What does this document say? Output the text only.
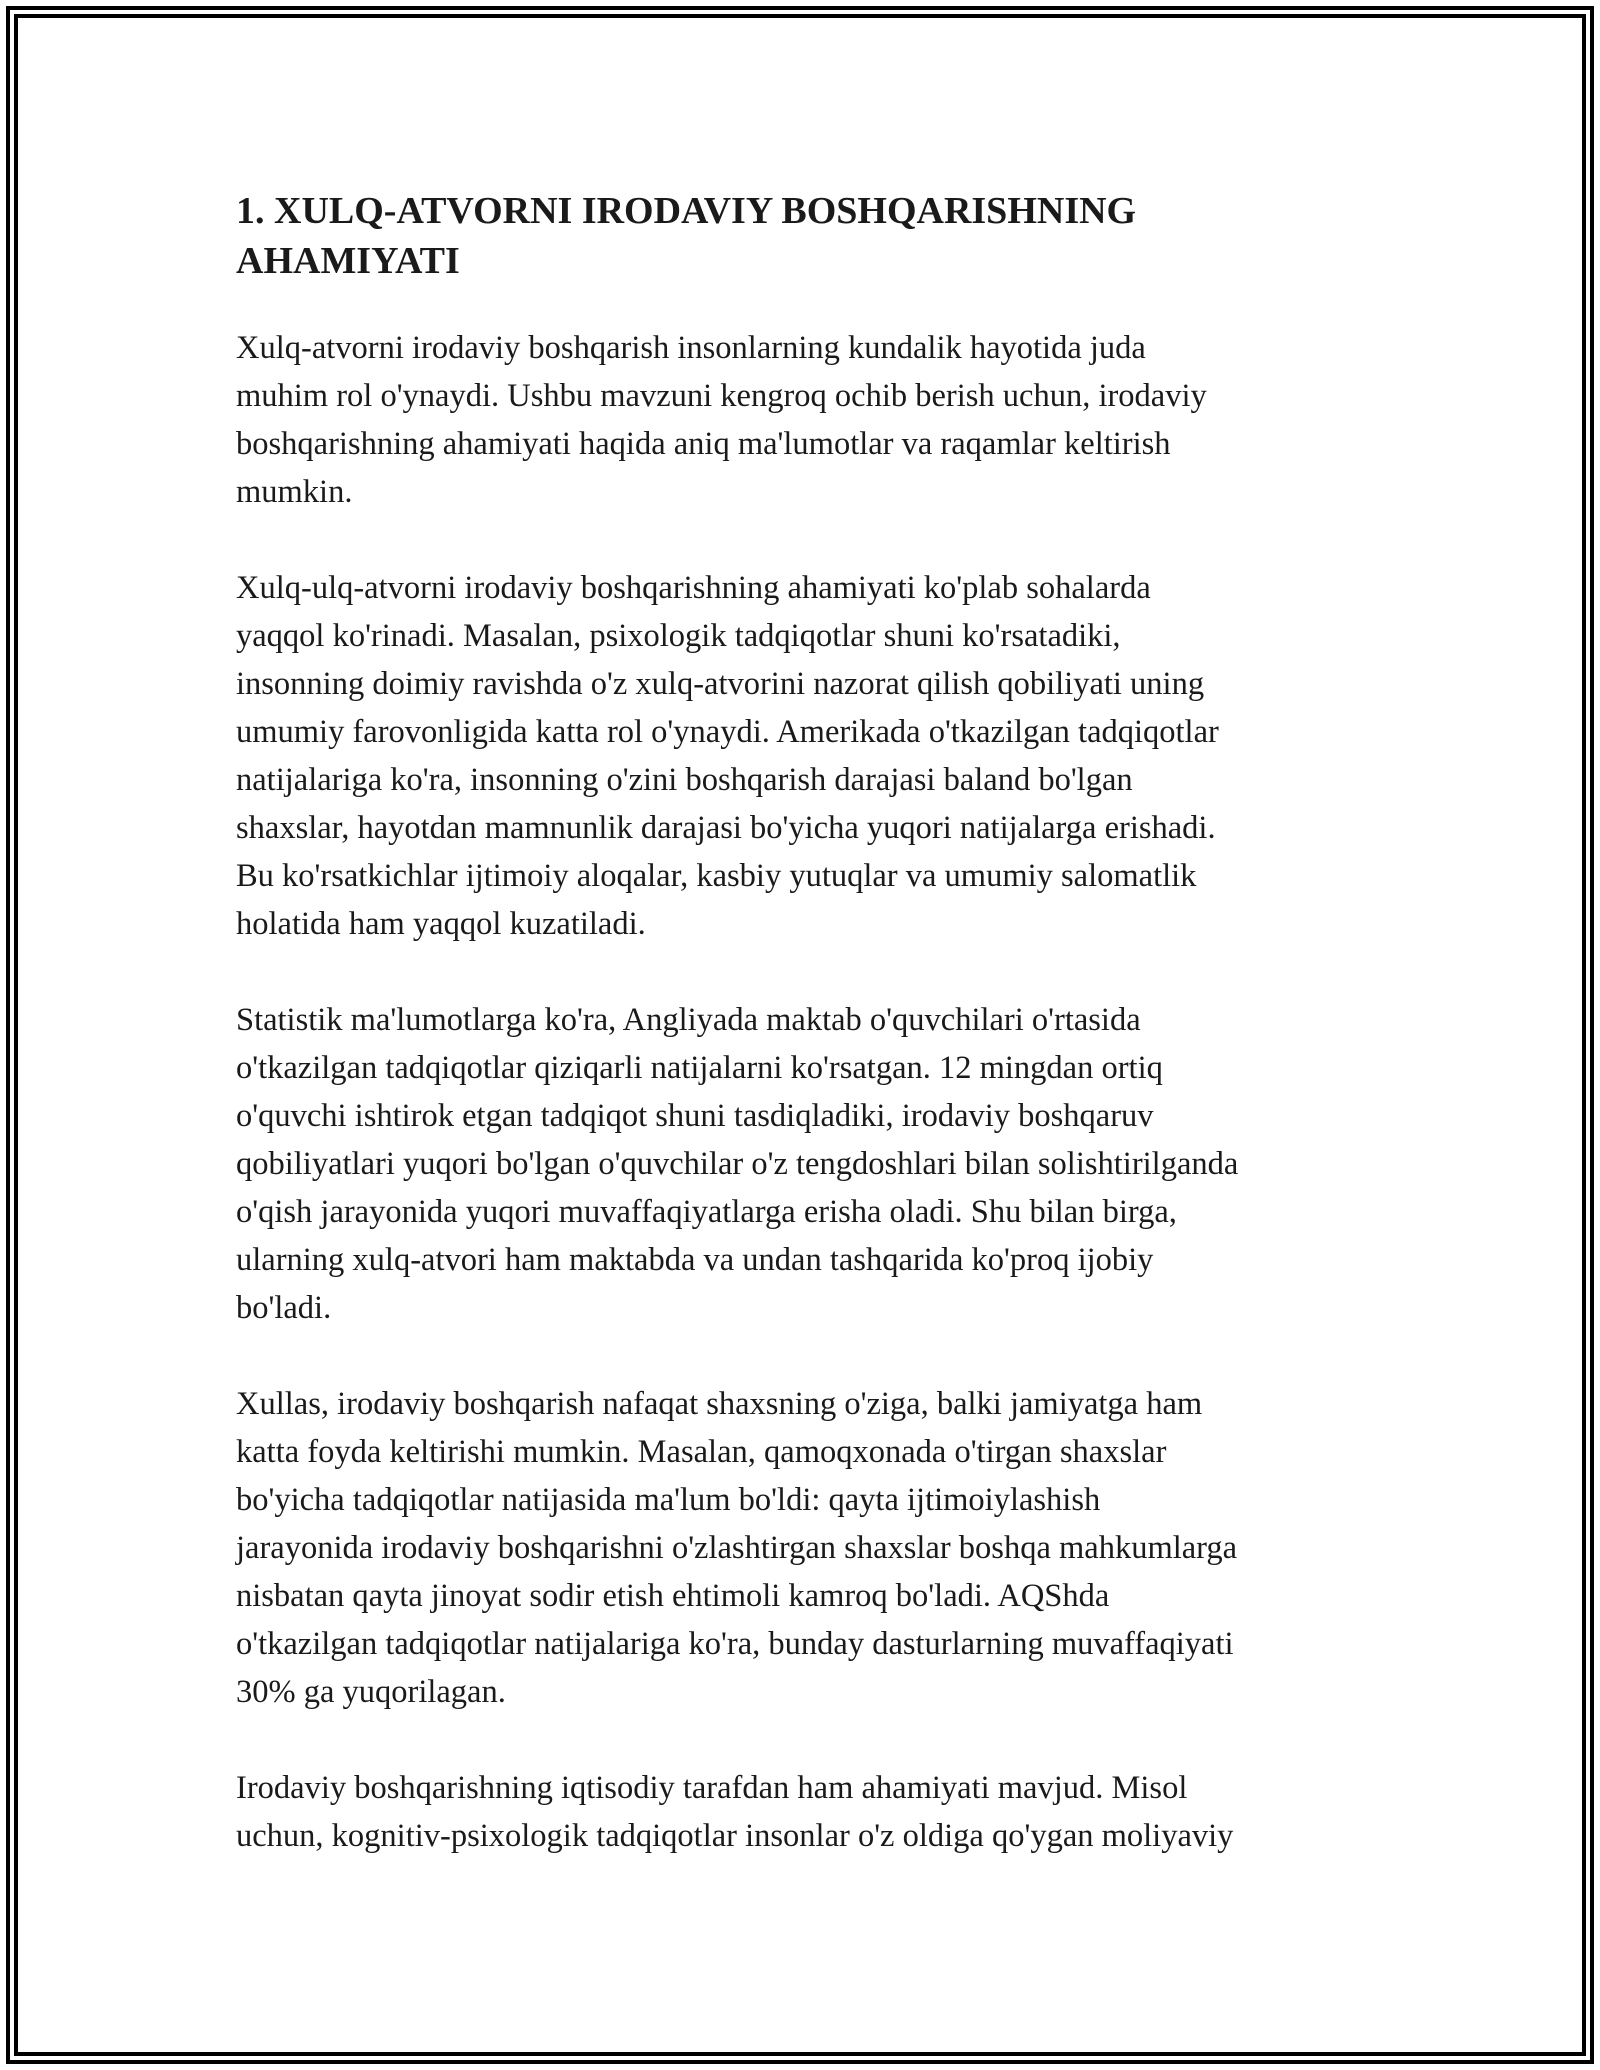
1. XULQ-ATVORNI IRODAVIY BOSHQARISHNING
AHAMIYATI

Xulq-atvorni irodaviy boshqarish insonlarning kundalik hayotida juda
muhim rol o'ynaydi. Ushbu mavzuni kengroq ochib berish uchun, irodaviy
boshqarishning ahamiyati haqida aniq ma'lumotlar va raqamlar keltirish
mumkin.

Xulq-ulq-atvorni irodaviy boshqarishning ahamiyati ko'plab sohalarda
yaqqol ko'rinadi. Masalan, psixologik tadqiqotlar shuni ko'rsatadiki,
insonning doimiy ravishda o'z xulq-atvorini nazorat qilish qobiliyati uning
umumiy farovonligida katta rol o'ynaydi. Amerikada o'tkazilgan tadqiqotlar
natijalariga ko'ra, insonning o'zini boshqarish darajasi baland bo'lgan
shaxslar, hayotdan mamnunlik darajasi bo'yicha yuqori natijalarga erishadi.
Bu ko'rsatkichlar ijtimoiy aloqalar, kasbiy yutuqlar va umumiy salomatlik
holatida ham yaqqol kuzatiladi.

Statistik ma'lumotlarga ko'ra, Angliyada maktab o'quvchilari o'rtasida
o'tkazilgan tadqiqotlar qiziqarli natijalarni ko'rsatgan. 12 mingdan ortiq
o'quvchi ishtirok etgan tadqiqot shuni tasdiqladiki, irodaviy boshqaruv
qobiliyatlari yuqori bo'lgan o'quvchilar o'z tengdoshlari bilan solishtirilganda
o'qish jarayonida yuqori muvaffaqiyatlarga erisha oladi. Shu bilan birga,
ularning xulq-atvori ham maktabda va undan tashqarida ko'proq ijobiy
bo'ladi.

Xullas, irodaviy boshqarish nafaqat shaxsning o'ziga, balki jamiyatga ham
katta foyda keltirishi mumkin. Masalan, qamoqxonada o'tirgan shaxslar
bo'yicha tadqiqotlar natijasida ma'lum bo'ldi: qayta ijtimoiylashish
jarayonida irodaviy boshqarishni o'zlashtirgan shaxslar boshqa mahkumlarga
nisbatan qayta jinoyat sodir etish ehtimoli kamroq bo'ladi. AQShda
o'tkazilgan tadqiqotlar natijalariga ko'ra, bunday dasturlarning muvaffaqiyati
30% ga yuqorilagan.

Irodaviy boshqarishning iqtisodiy tarafdan ham ahamiyati mavjud. Misol
uchun, kognitiv-psixologik tadqiqotlar insonlar o'z oldiga qo'ygan moliyaviy
